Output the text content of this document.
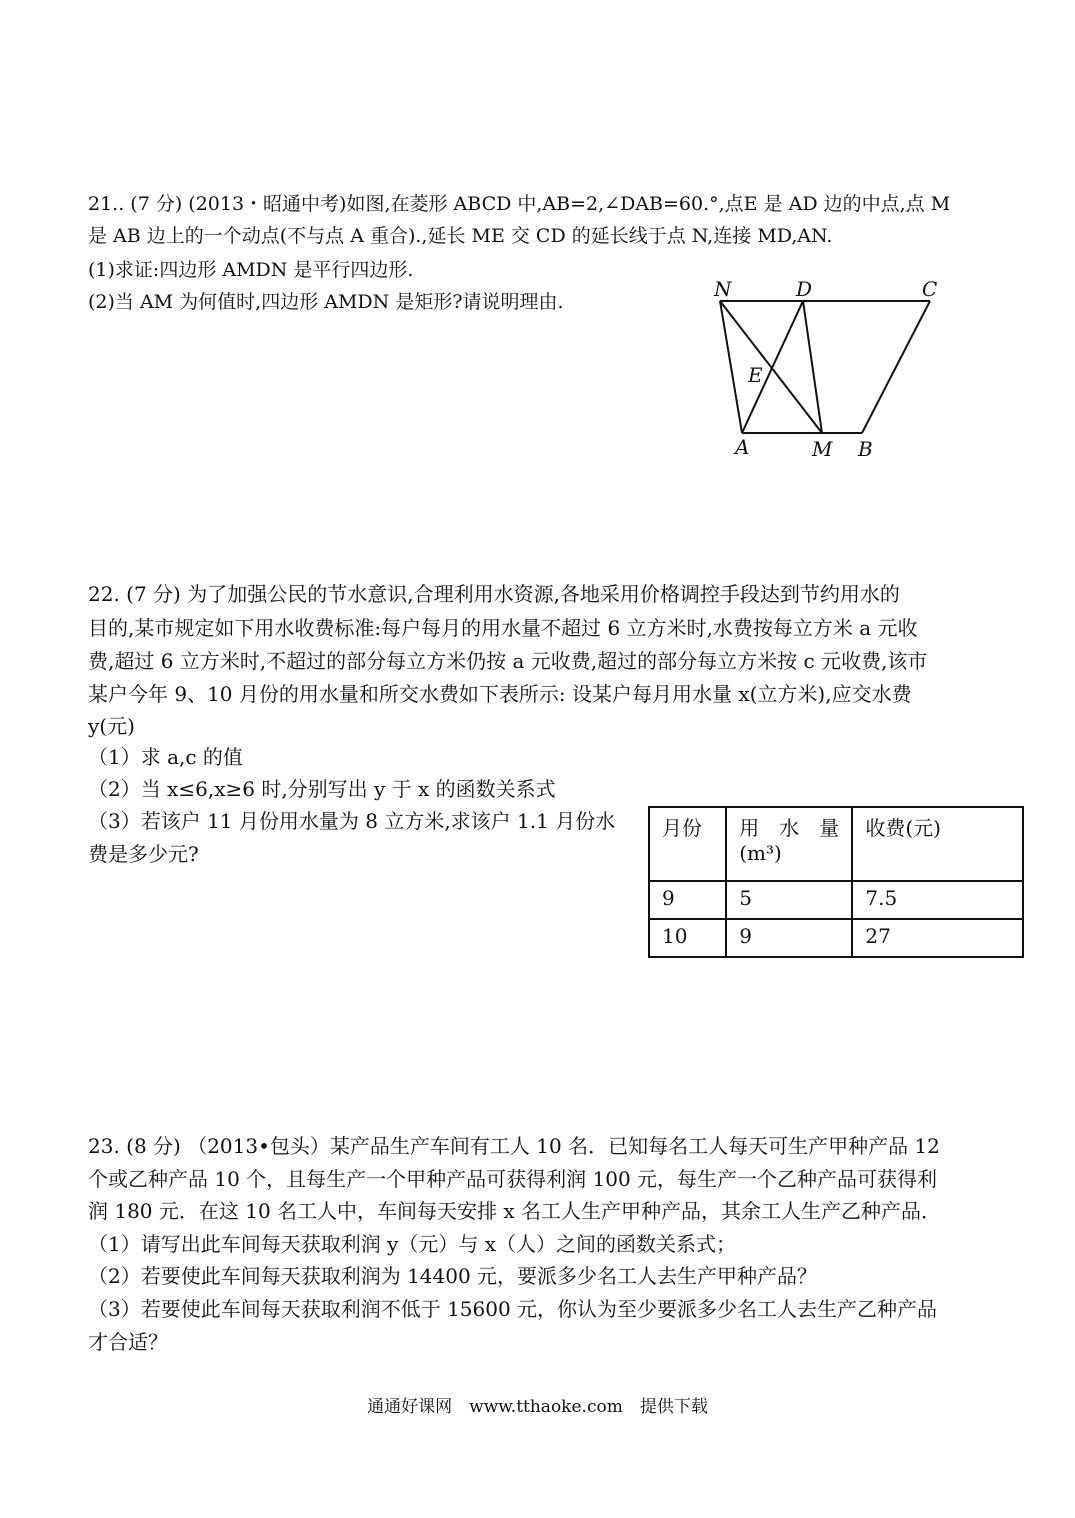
21.. (7 分) (2013・昭通中考)如图,在菱形 ABCD 中,AB=2,∠DAB=60.°,点E 是 AD 边的中点,点 M
是 AB 边上的一个动点(不与点 A 重合).,延长 ME 交 CD 的延长线于点 N,连接 MD,AN.
(1)求证:四边形 AMDN 是平行四边形.
(2)当 AM 为何值时,四边形 AMDN 是矩形?请说明理由.
N	D	C
E
A	M B
22. (7 分) 为了加强公民的节水意识,合理利用水资源,各地采用价格调控手段达到节约用水的
目的,某市规定如下用水收费标准:每户每月的用水量不超过 6 立方米时,水费按每立方米 a 元收
费,超过 6 立方米时,不超过的部分每立方米仍按 a 元收费,超过的部分每立方米按 c 元收费,该市
某户今年 9、10 月份的用水量和所交水费如下表所示: 设某户每月用水量 x(立方米),应交水费
y(元)
（1）求 a,c 的值
（2）当 x≤6,x≥6 时,分别写出 y 于 x 的函数关系式
（3）若该户 11 月份用水量为 8 立方米,求该户 1.1 月份水
费是多少元?
月份	用　水　量 (m³)	收费(元)
9	5	7.5
10	9	27
23. (8 分) （2013•包头）某产品生产车间有工人 10 名．已知每名工人每天可生产甲种产品 12
个或乙种产品 10 个，且每生产一个甲种产品可获得利润 100 元，每生产一个乙种产品可获得利
润 180 元．在这 10 名工人中，车间每天安排 x 名工人生产甲种产品，其余工人生产乙种产品．
（1）请写出此车间每天获取利润 y（元）与 x（人）之间的函数关系式；
（2）若要使此车间每天获取利润为 14400 元，要派多少名工人去生产甲种产品？
（3）若要使此车间每天获取利润不低于 15600 元，你认为至少要派多少名工人去生产乙种产品
才合适？
通通好课网　www.tthaoke.com　提供下载
